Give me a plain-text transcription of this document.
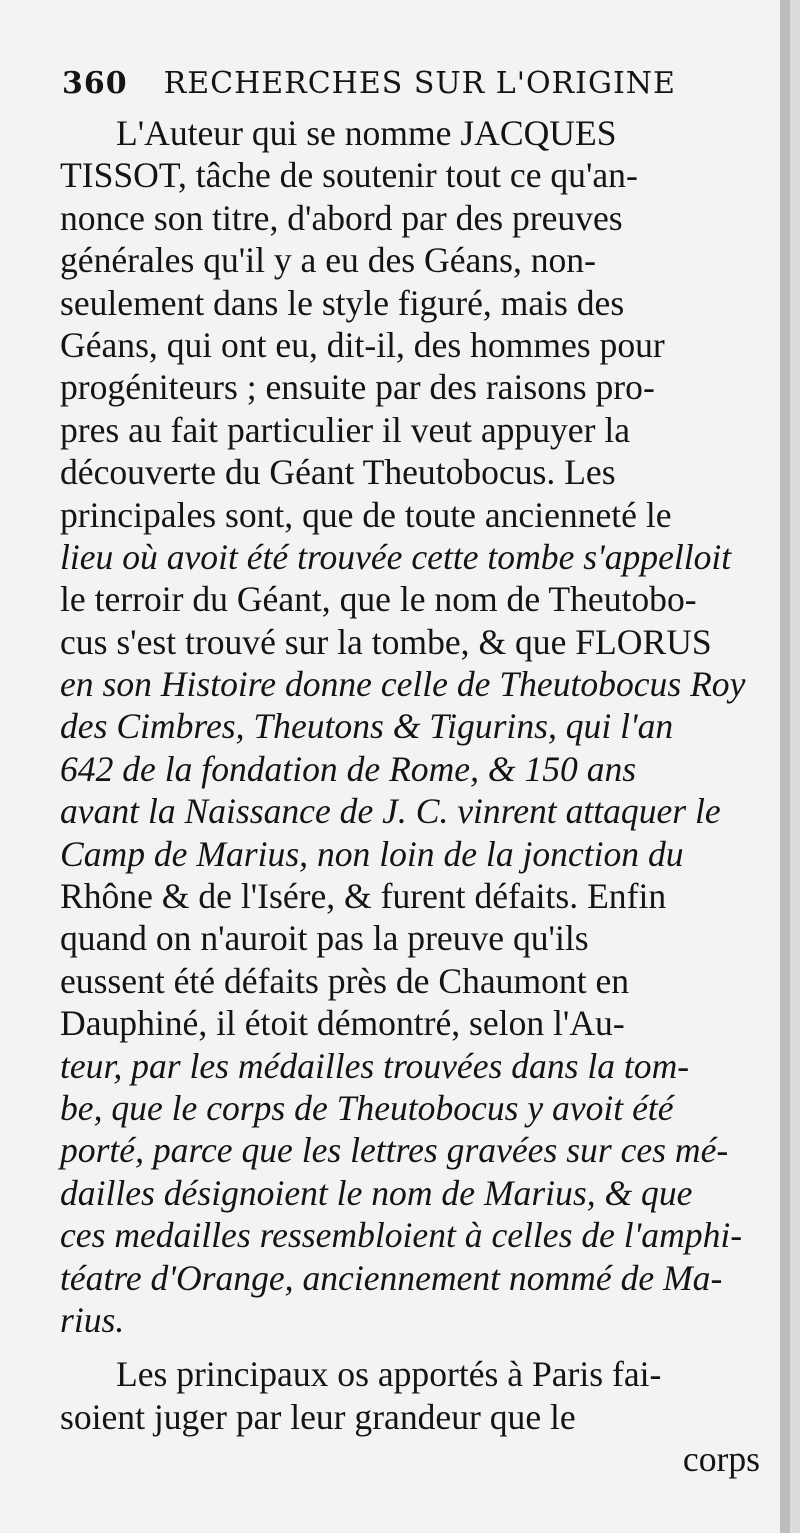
360 RECHERCHES SUR L'ORIGINE
L'Auteur qui se nomme JACQUES
TISSOT, tâche de soutenir tout ce qu'an-
nonce son titre, d'abord par des preuves
générales qu'il y a eu des Géans, non-
seulement dans le style figuré, mais des
Géans, qui ont eu, dit-il, des hommes pour
progéniteurs ; ensuite par des raisons pro-
pres au fait particulier il veut appuyer la
découverte du Géant Theutobocus. Les
principales sont, que de toute ancienneté le
lieu où avoit été trouvée cette tombe s'appelloit
le terroir du Géant, que le nom de Theutobo-
cus s'est trouvé sur la tombe, & que FLORUS
en son Histoire donne celle de Theutobocus Roy
des Cimbres, Theutons & Tigurins, qui l'an
642 de la fondation de Rome, & 150 ans
avant la Naissance de J. C. vinrent attaquer le
Camp de Marius, non loin de la jonction du
Rhône & de l'Isére, & furent défaits. Enfin
quand on n'auroit pas la preuve qu'ils
eussent été défaits près de Chaumont en
Dauphiné, il étoit démontré, selon l'Au-
teur, par les médailles trouvées dans la tom-
be, que le corps de Theutobocus y avoit été
porté, parce que les lettres gravées sur ces mé-
dailles désignoient le nom de Marius, & que
ces medailles ressembloient à celles de l'amphi-
téatre d'Orange, anciennement nommé de Ma-
rius.
Les principaux os apportés à Paris fai-
soient juger par leur grandeur que le
corps
